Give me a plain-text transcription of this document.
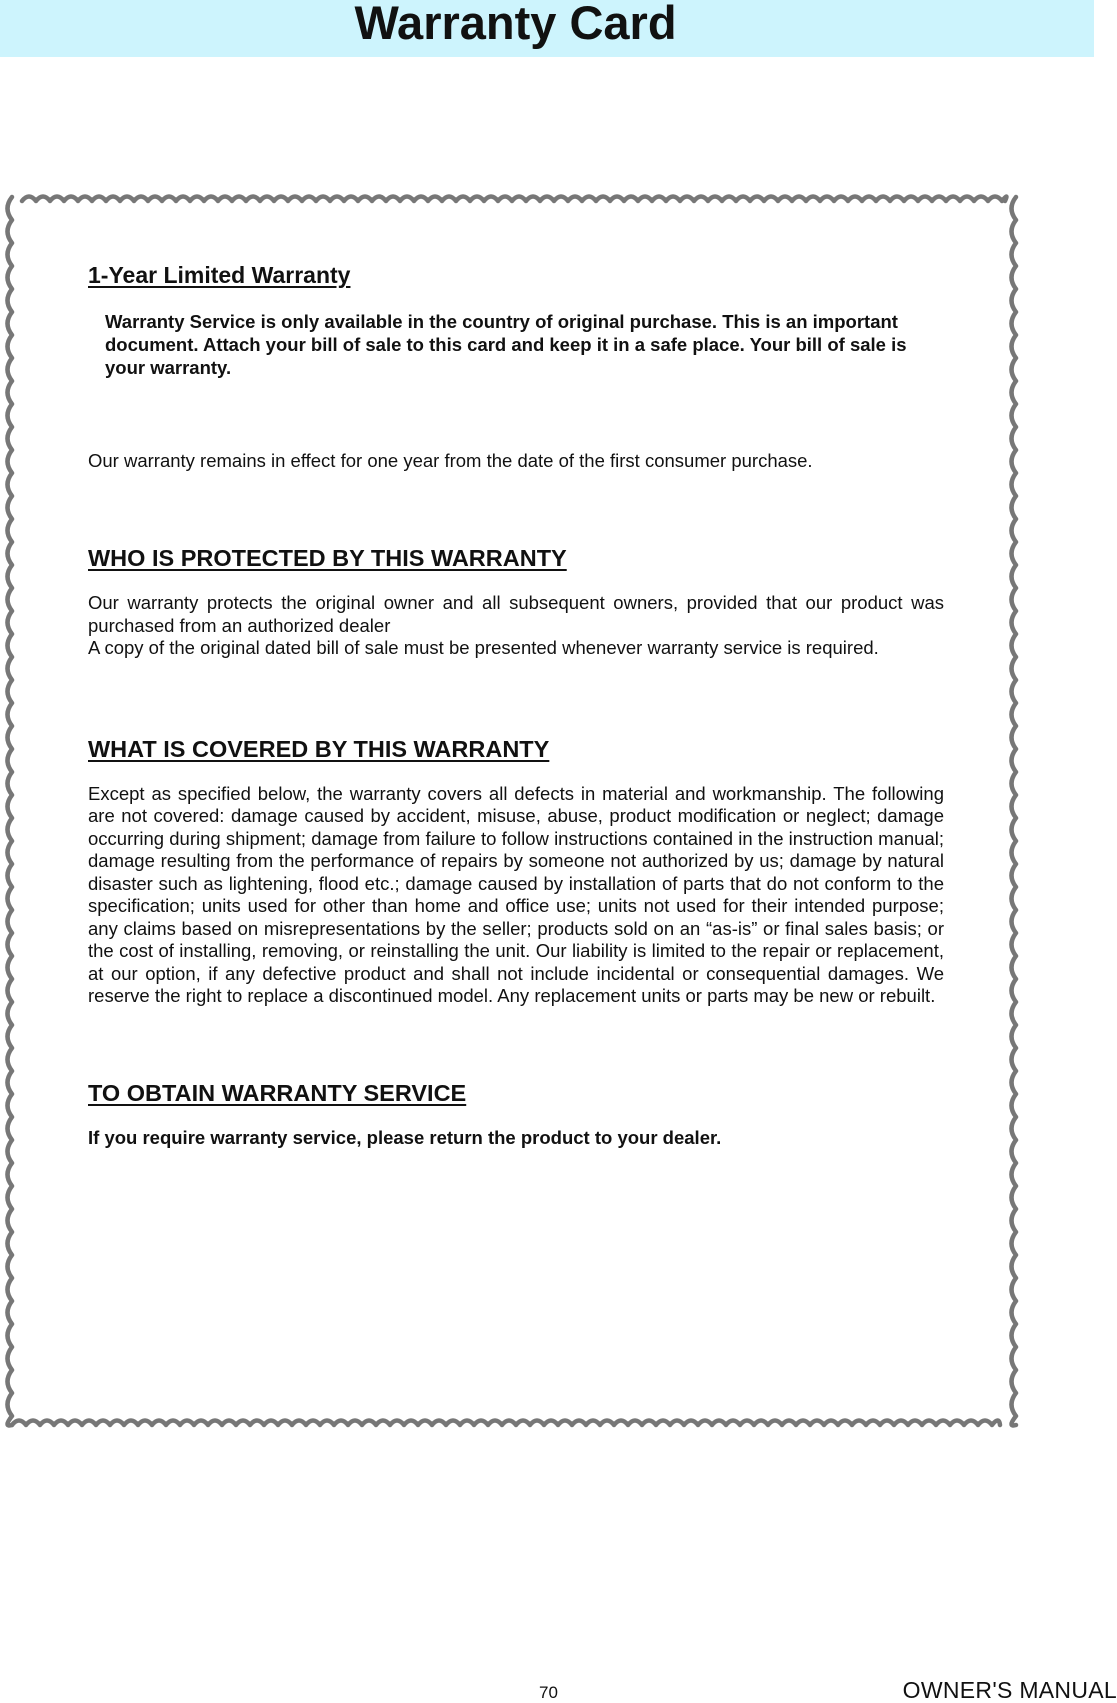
Warranty Card
1-Year Limited Warranty

Warranty Service is only available in the country of original purchase. This is an important document. Attach your bill of sale to this card and keep it in a safe place. Your bill of sale is your warranty.

Our warranty remains in effect for one year from the date of the first consumer purchase.

WHO IS PROTECTED BY THIS WARRANTY

Our warranty protects the original owner and all subsequent owners, provided that our product was purchased from an authorized dealer
A copy of the original dated bill of sale must be presented whenever warranty service is required.

WHAT IS COVERED BY THIS WARRANTY

Except as specified below, the warranty covers all defects in material and workmanship. The following are not covered: damage caused by accident, misuse, abuse, product modification or neglect; damage occurring during shipment; damage from failure to follow instructions contained in the instruction manual; damage resulting from the performance of repairs by someone not authorized by us; damage by natural disaster such as lightening, flood etc.; damage caused by installation of parts that do not conform to the specification; units used for other than home and office use; units not used for their intended purpose; any claims based on misrepresentations by the seller; products sold on an “as-is” or final sales basis; or the cost of installing, removing, or reinstalling the unit. Our liability is limited to the repair or replacement, at our option, if any defective product and shall not include incidental or consequential damages. We reserve the right to replace a discontinued model. Any replacement units or parts may be new or rebuilt.

TO OBTAIN WARRANTY SERVICE

If you require warranty service, please return the product to your dealer.

70	OWNER'S MANUAL
